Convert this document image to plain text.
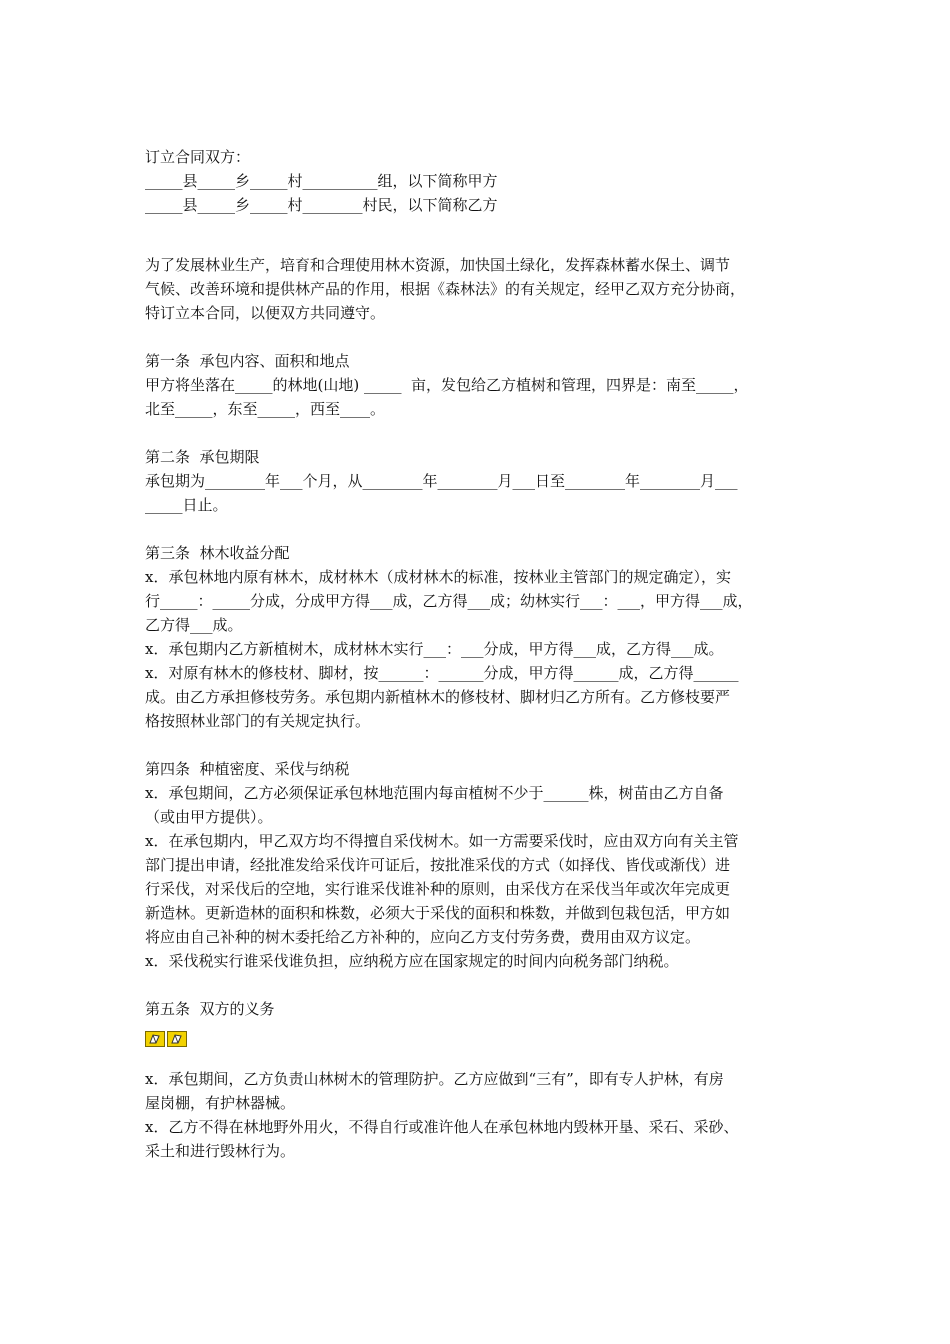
订立合同双方：
_____县_____乡_____村__________组，以下简称甲方
_____县_____乡_____村________村民，以下简称乙方
为了发展林业生产，培育和合理使用林木资源，加快国土绿化，发挥森林蓄水保土、调节
气候、改善环境和提供林产品的作用，根据《森林法》的有关规定，经甲乙双方充分协商，
特订立本合同，以便双方共同遵守。
第一条  承包内容、面积和地点
甲方将坐落在_____的林地(山地) _____  亩，发包给乙方植树和管理，四界是：南至_____，
北至_____，东至_____，西至____。
第二条  承包期限
承包期为________年___个月，从________年________月___日至________年________月___
_____日止。
第三条  林木收益分配
x．承包林地内原有林木，成材林木（成材林木的标准，按林业主管部门的规定确定），实
行_____：_____分成，分成甲方得___成，乙方得___成；幼林实行___：___，甲方得___成，
乙方得___成。
x．承包期内乙方新植树木，成材林木实行___：___分成，甲方得___成，乙方得___成。
x．对原有林木的修枝材、脚材，按______：______分成，甲方得______成，乙方得______
成。由乙方承担修枝劳务。承包期内新植林木的修枝材、脚材归乙方所有。乙方修枝要严
格按照林业部门的有关规定执行。
第四条  种植密度、采伐与纳税
x．承包期间，乙方必须保证承包林地范围内每亩植树不少于______株，树苗由乙方自备
（或由甲方提供）。
x．在承包期内，甲乙双方均不得擅自采伐树木。如一方需要采伐时，应由双方向有关主管
部门提出申请，经批准发给采伐许可证后，按批准采伐的方式（如择伐、皆伐或渐伐）进
行采伐，对采伐后的空地，实行谁采伐谁补种的原则，由采伐方在采伐当年或次年完成更
新造林。更新造林的面积和株数，必须大于采伐的面积和株数，并做到包栽包活，甲方如
将应由自己补种的树木委托给乙方补种的，应向乙方支付劳务费，费用由双方议定。
x．采伐税实行谁采伐谁负担，应纳税方应在国家规定的时间内向税务部门纳税。
第五条  双方的义务
x．承包期间，乙方负责山林树木的管理防护。乙方应做到“三有”，即有专人护林，有房
屋岗棚，有护林器械。
x．乙方不得在林地野外用火，不得自行或准许他人在承包林地内毁林开垦、采石、采砂、
采土和进行毁林行为。
